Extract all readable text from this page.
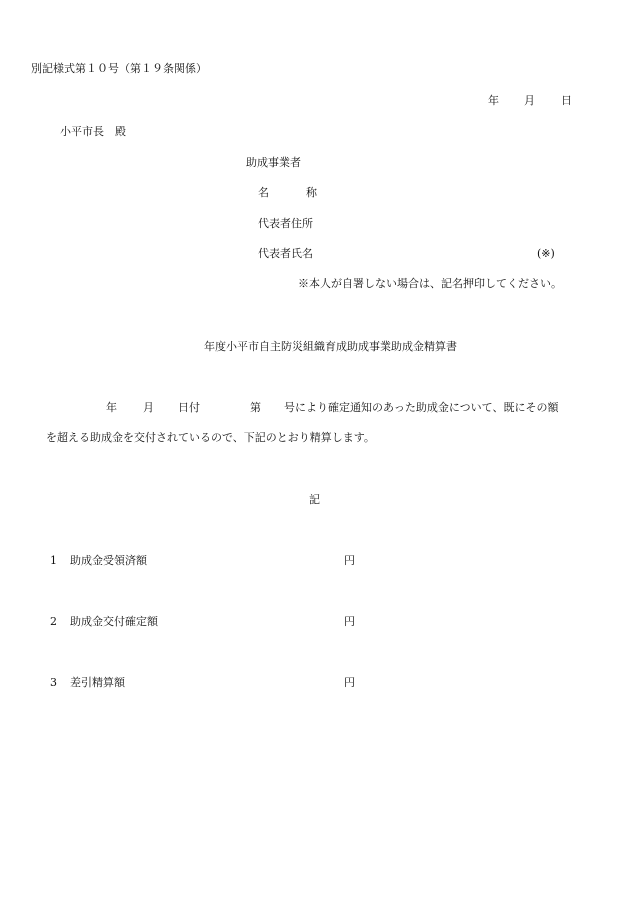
別記様式第１０号（第１９条関係）
年 月 日
小平市長　殿
助成事業者
名	称
代表者住所
代表者氏名	(※)
※本人が自署しない場合は、記名押印してください。
年度小平市自主防災組織育成助成事業助成金精算書
年 月 日付	第 号により確定通知のあった助成金について、既にその額
を超える助成金を交付されているので、下記のとおり精算します。
記
1 助成金受領済額	円
2 助成金交付確定額	円
3 差引精算額	円
